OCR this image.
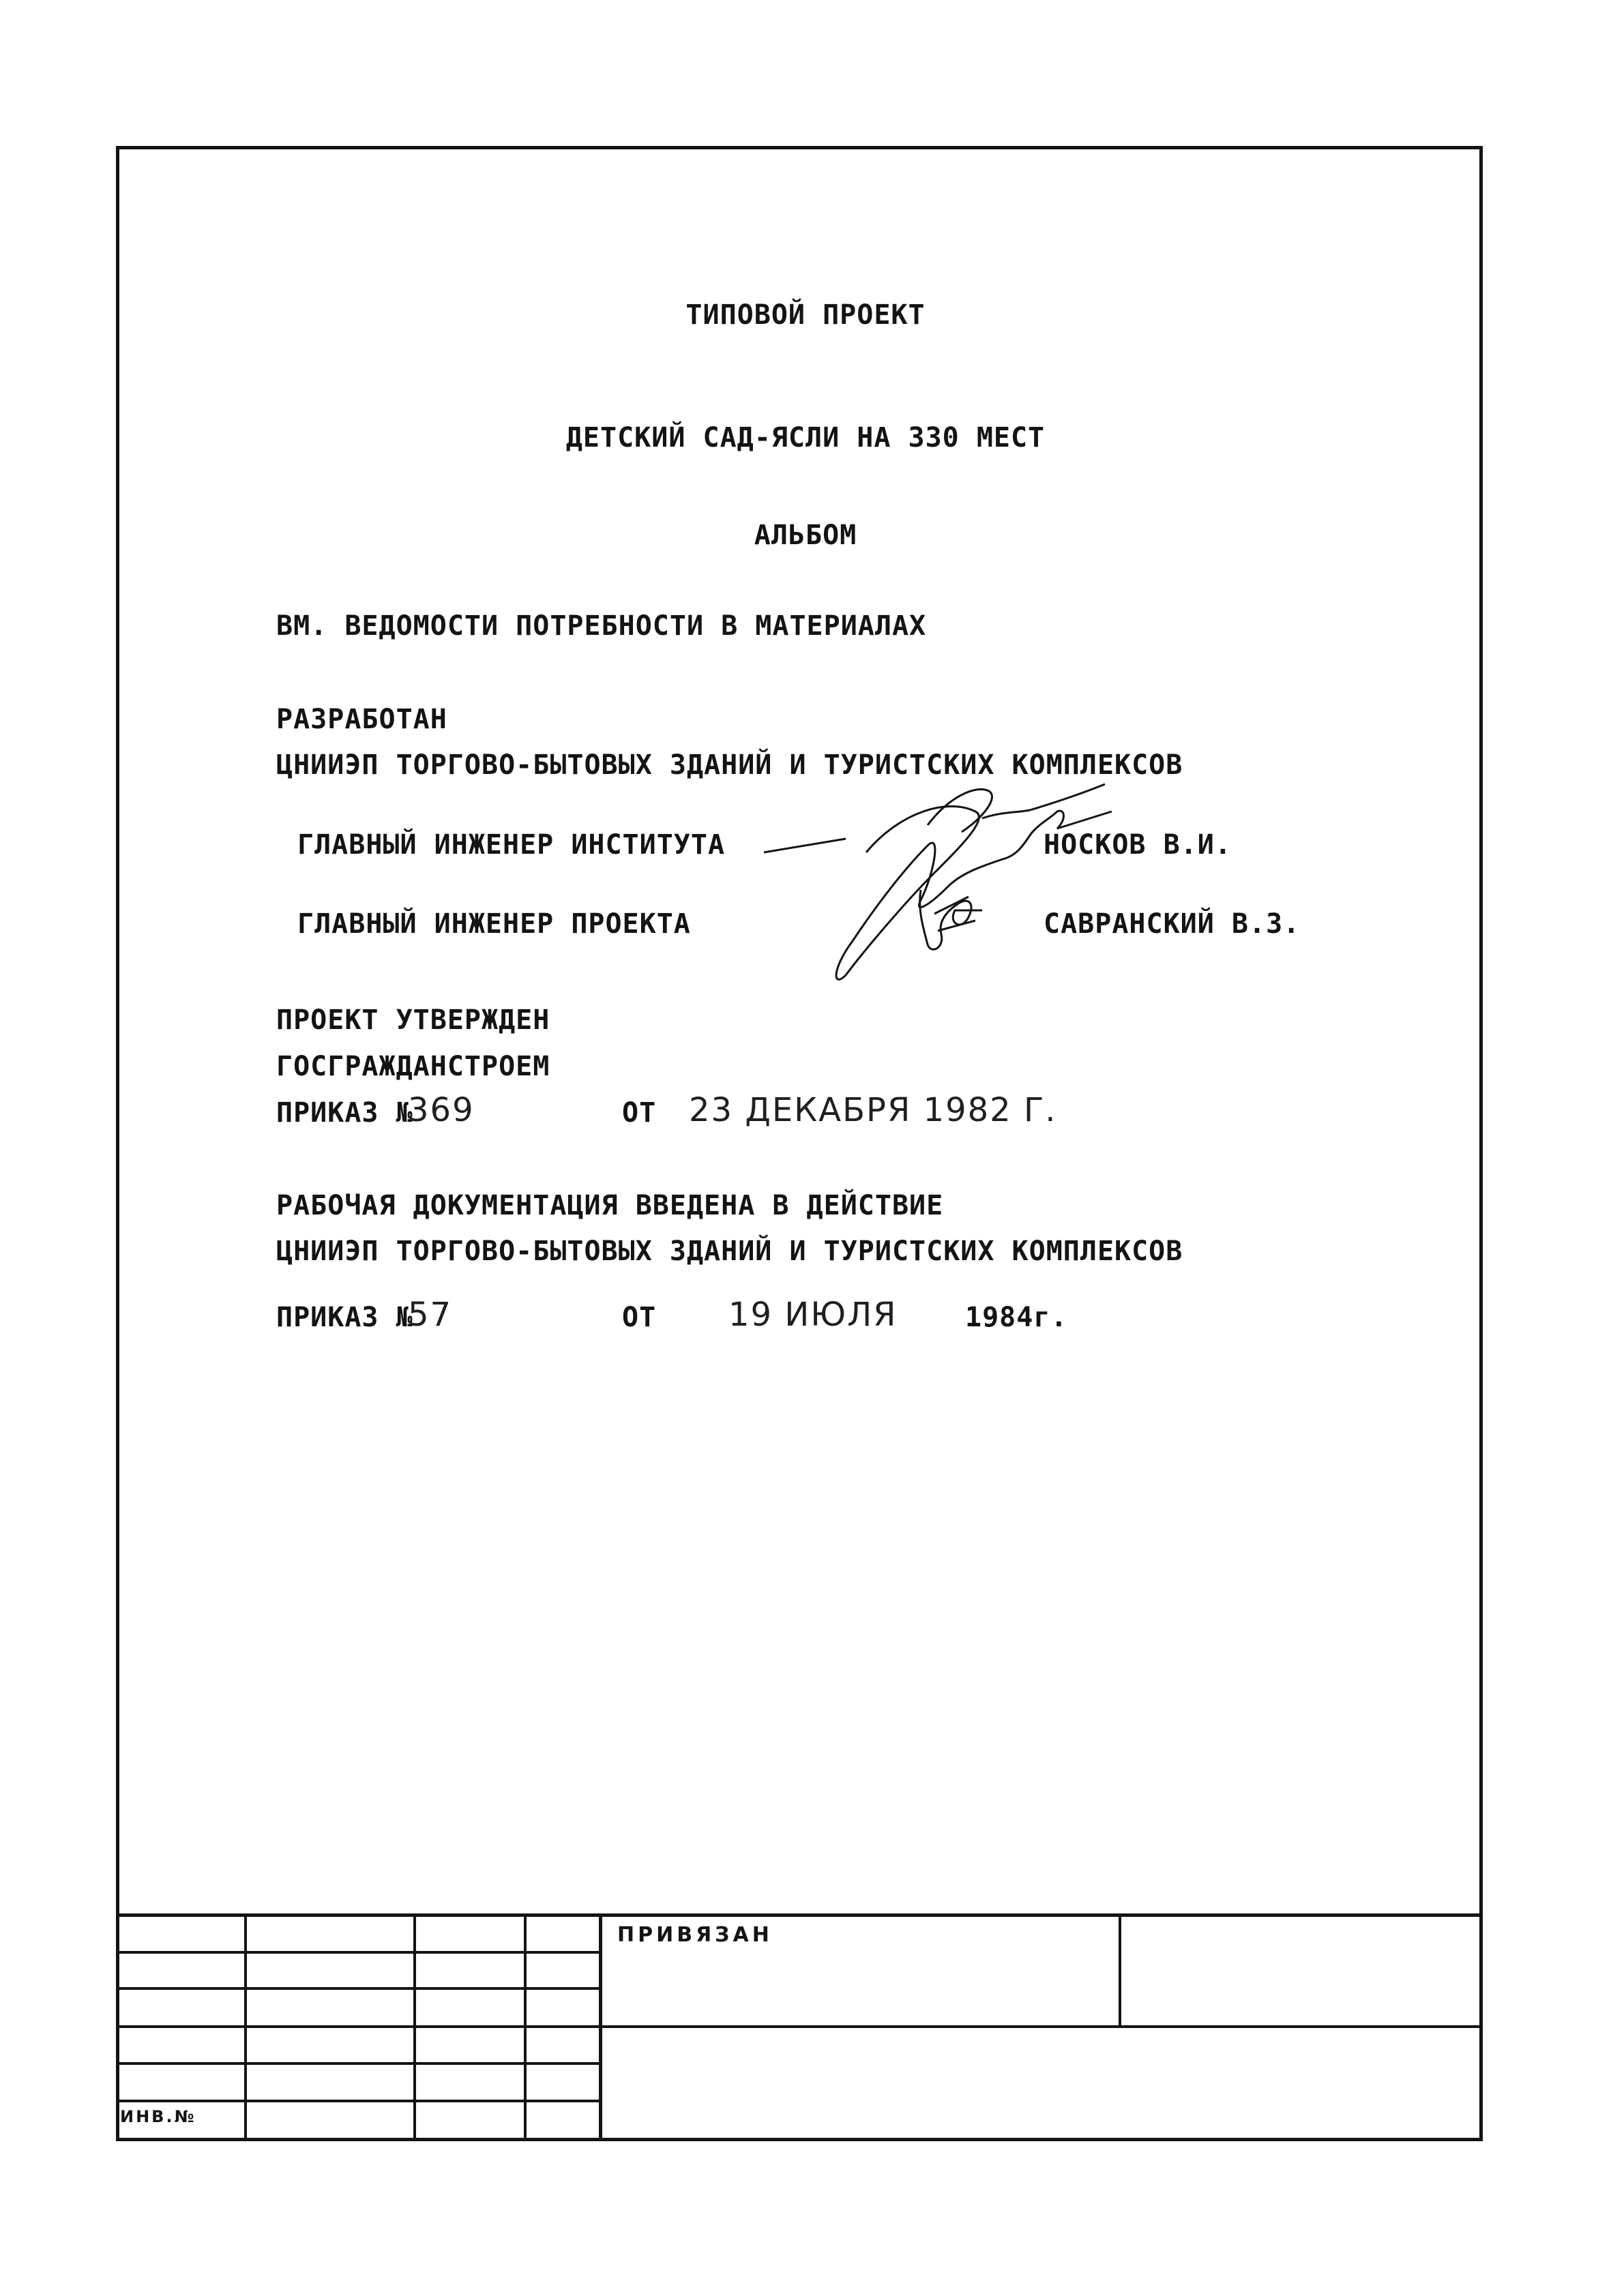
ТИПОВОЙ ПРОЕКТ
ДЕТСКИЙ САД-ЯСЛИ НА 330 МЕСТ
АЛЬБОМ
ВМ. ВЕДОМОСТИ ПОТРЕБНОСТИ В МАТЕРИАЛАХ
РАЗРАБОТАН
ЦНИИЭП ТОРГОВО-БЫТОВЫХ ЗДАНИЙ И ТУРИСТСКИХ КОМПЛЕКСОВ
ГЛАВНЫЙ ИНЖЕНЕР ИНСТИТУТА	НОСКОВ В.И.
ГЛАВНЫЙ ИНЖЕНЕР ПРОЕКТА	САВРАНСКИЙ В.З.
ПРОЕКТ УТВЕРЖДЕН
ГОСГРАЖДАНСТРОЕМ
ПРИКАЗ №
369	ОТ 23 ДЕКАБРЯ 1982 Г.
РАБОЧАЯ ДОКУМЕНТАЦИЯ ВВЕДЕНА В ДЕЙСТВИЕ
ЦНИИЭП ТОРГОВО-БЫТОВЫХ ЗДАНИЙ И ТУРИСТСКИХ КОМПЛЕКСОВ
ПРИКАЗ №
57	ОТ 19 ИЮЛЯ 1984г.
ПРИВЯЗАН
ИНВ.№
